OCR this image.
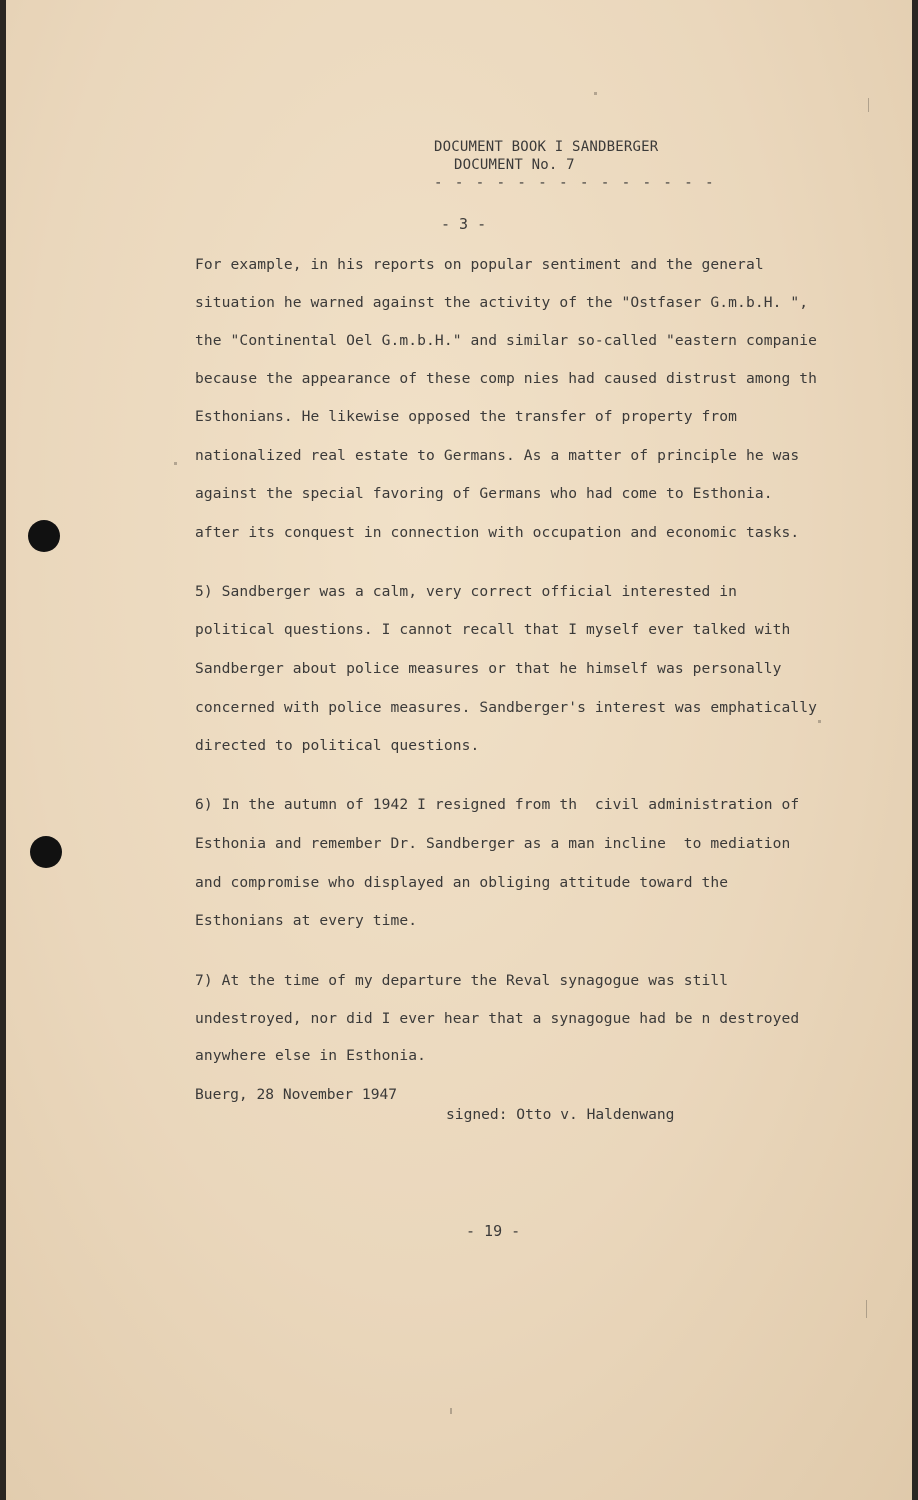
DOCUMENT BOOK I SANDBERGER
DOCUMENT No. 7
- - - - - - - - - - - - - -
- 3 -

For example, in his reports on popular sentiment and the general

situation he warned against the activity of the "Ostfaser G.m.b.H. ",

the "Continental Oel G.m.b.H." and similar so-called "eastern companie

because the appearance of these comp nies had caused distrust among th

Esthonians. He likewise opposed the transfer of property from

nationalized real estate to Germans. As a matter of principle he was

against the special favoring of Germans who had come to Esthonia.

after its conquest in connection with occupation and economic tasks.

5) Sandberger was a calm, very correct official interested in

political questions. I cannot recall that I myself ever talked with

Sandberger about police measures or that he himself was personally

concerned with police measures. Sandberger's interest was emphatically

directed to political questions.

6) In the autumn of 1942 I resigned from th  civil administration of

Esthonia and remember Dr. Sandberger as a man incline  to mediation

and compromise who displayed an obliging attitude toward the

Esthonians at every time.

7) At the time of my departure the Reval synagogue was still

undestroyed, nor did I ever hear that a synagogue had be n destroyed

anywhere else in Esthonia.

Buerg, 28 November 1947
signed: Otto v. Haldenwang
- 19 -
